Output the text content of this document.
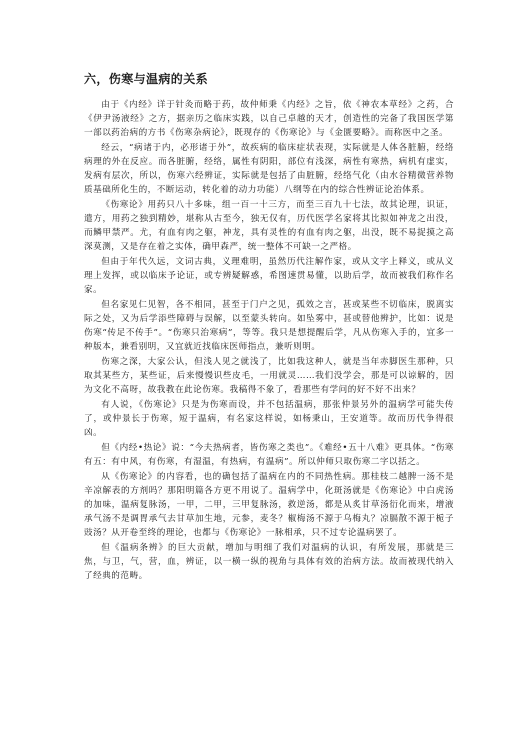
六，伤寒与温病的关系

由于《内经》详于针灸而略于药，故仲师秉《内经》之旨，依《神农本草经》之药，合《伊尹汤液经》之方，据亲历之临床实践，以自己卓越的天才，创造性的完备了我国医学第一部以药治病的方书《伤寒杂病论》，既现存的《伤寒论》与《金匮要略》。而称医中之圣。

经云，“病诸于内，必形诸于外”，故疾病的临床症状表现，实际就是人体各脏腑，经络病理的外在反应。而各脏腑，经络，属性有阴阳，部位有浅深，病性有寒热，病机有虚实，发病有层次，所以，伤寒六经辨证，实际就是包括了由脏腑，经络气化（由水谷精微营养物质基础所化生的，不断运动，转化着的动力功能）八纲等在内的综合性辨证论治体系。

《伤寒论》用药只八十多味，组一百一十三方，而至三百九十七法，故其论理，识证，遣方，用药之独到精妙，堪称从古至今，独无仅有，历代医学名家将其比拟如神龙之出没，而鳞甲禁严。尤，有血有肉之躯，神龙，具有灵性的有血有肉之躯，出没，既不易捉摸之高深莫测，又是存在着之实体，确甲森严，统一整体不可缺一之严格。

但由于年代久远，文词古典，义理难明，虽然历代注解作家，或从文字上释义，或从义理上发挥，或以临床予论证，或专辨疑解惑，希图速贯易懂，以助后学，故而被我们称作名家。

但名家见仁见智，各不相同，甚至于门户之见，孤效之言，甚或某些不切临床，脱离实际之处，又为后学添些障碍与误解，以至蒙头转向。如坠雾中，甚或替他辨护，比如：说是伤寒“传足不传手”。“伤寒只治寒病”，等等。我只是想提醒后学，凡从伤寒入手的，宜多一种版本，兼看别明，又宜就近找临床医师指点，兼听则明。

伤寒之深，大家公认，但浅人见之就浅了，比如我这种人，就是当年赤脚医生那种，只取其某些方，某些证，后来慢慢识些皮毛，一用就灵……我们没学会，那是可以谅解的，因为文化不高呀，故我教在此论伤寒。我稿得不象了，看那些有学问的好不好不出来？

有人说，《伤寒论》只是为伤寒而设，并不包括温病，那张仲景另外的温病学可能失传了，或仲景长于伤寒，短于温病，有名家这样说，如杨秉山，王安道等。故而历代争得很凶。

但《内经•热论》说：“今夫热病者，皆伤寒之类也”。《难经•五十八难》更具体。“伤寒有五：有中风，有伤寒，有湿温，有热病，有温病”。所以仲师只取伤寒二字以括之。

从《伤寒论》的内容看，也的确包括了温病在内的不同热性病。那桂枝二越脾一汤不是辛凉解表的方剂吗？那阳明篇各方更不用说了。温病学中，化斑汤就是《伤寒论》中白虎汤的加味，温病复脉汤，一甲，二甲，三甲复脉汤，救逆汤，都是从炙甘草汤衍化而来，增液承气汤不是调胃承气去甘草加生地，元参，麦冬？椒梅汤不源于乌梅丸？凉膈散不源于栀子豉汤？从开卷至终的理论，也都与《伤寒论》一脉相承，只不过专论温病罢了。

但《温病条辨》的巨大贡献，增加与明细了我们对温病的认识，有所发展，那就是三焦，与卫，气，营，血，辨证，以一横一纵的视角与具体有效的治病方法。故而被现代纳入了经典的范畴。
